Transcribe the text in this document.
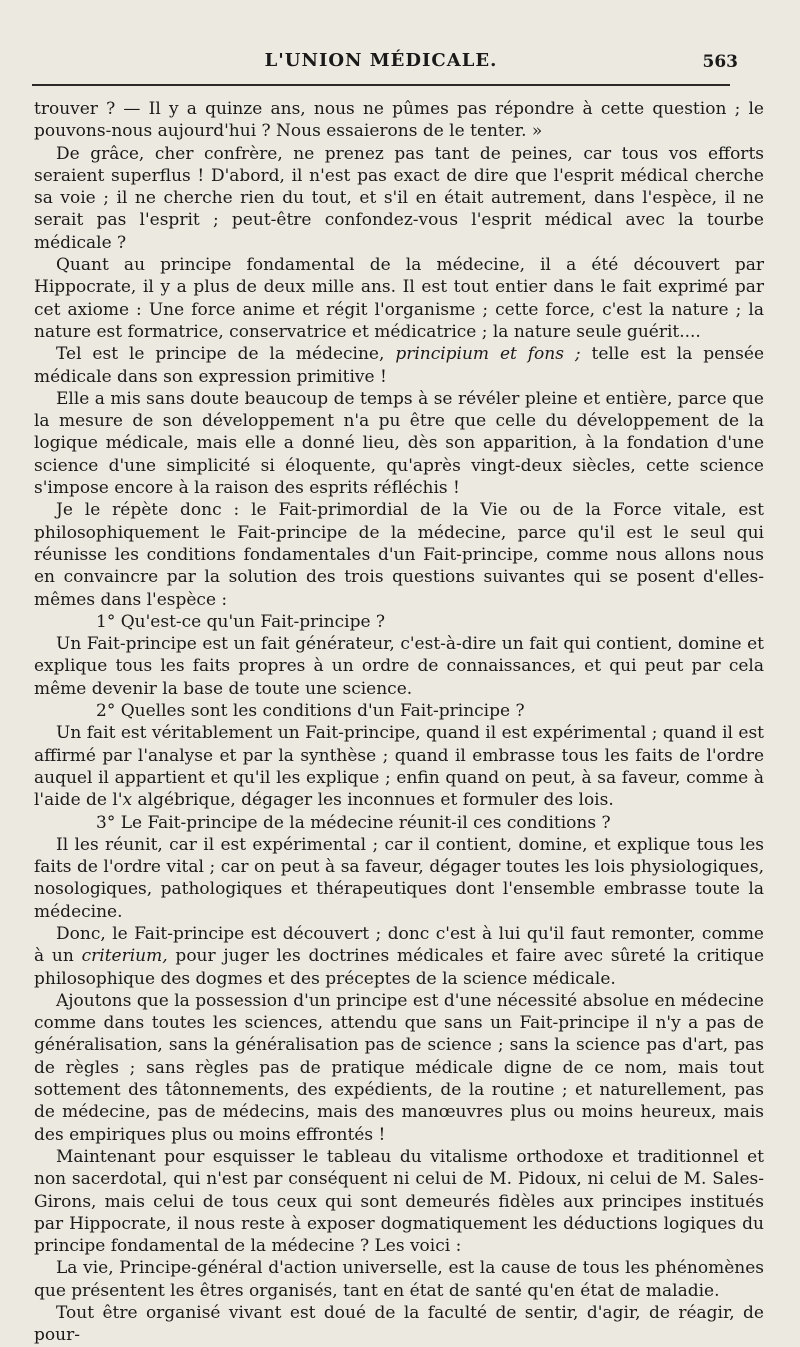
L'UNION MÉDICALE.	563

trouver ? — Il y a quinze ans, nous ne pûmes pas répondre à cette question ; le pouvons-nous aujourd'hui ? Nous essaierons de le tenter. »

De grâce, cher confrère, ne prenez pas tant de peines, car tous vos efforts seraient superflus ! D'abord, il n'est pas exact de dire que l'esprit médical cherche sa voie ; il ne cherche rien du tout, et s'il en était autrement, dans l'espèce, il ne serait pas l'esprit ; peut-être confondez-vous l'esprit médical avec la tourbe médicale ?

Quant au principe fondamental de la médecine, il a été découvert par Hippocrate, il y a plus de deux mille ans. Il est tout entier dans le fait exprimé par cet axiome : Une force anime et régit l'organisme ; cette force, c'est la nature ; la nature est formatrice, conservatrice et médicatrice ; la nature seule guérit....

Tel est le principe de la médecine, principium et fons ; telle est la pensée médicale dans son expression primitive !

Elle a mis sans doute beaucoup de temps à se révéler pleine et entière, parce que la mesure de son développement n'a pu être que celle du développement de la logique médicale, mais elle a donné lieu, dès son apparition, à la fondation d'une science d'une simplicité si éloquente, qu'après vingt-deux siècles, cette science s'impose encore à la raison des esprits réfléchis !

Je le répète donc : le Fait-primordial de la Vie ou de la Force vitale, est philosophiquement le Fait-principe de la médecine, parce qu'il est le seul qui réunisse les conditions fondamentales d'un Fait-principe, comme nous allons nous en convaincre par la solution des trois questions suivantes qui se posent d'elles-mêmes dans l'espèce :

1° Qu'est-ce qu'un Fait-principe ?

Un Fait-principe est un fait générateur, c'est-à-dire un fait qui contient, domine et explique tous les faits propres à un ordre de connaissances, et qui peut par cela même devenir la base de toute une science.

2° Quelles sont les conditions d'un Fait-principe ?

Un fait est véritablement un Fait-principe, quand il est expérimental ; quand il est affirmé par l'analyse et par la synthèse ; quand il embrasse tous les faits de l'ordre auquel il appartient et qu'il les explique ; enfin quand on peut, à sa faveur, comme à l'aide de l'x algébrique, dégager les inconnues et formuler des lois.

3° Le Fait-principe de la médecine réunit-il ces conditions ?

Il les réunit, car il est expérimental ; car il contient, domine, et explique tous les faits de l'ordre vital ; car on peut à sa faveur, dégager toutes les lois physiologiques, nosologiques, pathologiques et thérapeutiques dont l'ensemble embrasse toute la médecine.

Donc, le Fait-principe est découvert ; donc c'est à lui qu'il faut remonter, comme à un criterium, pour juger les doctrines médicales et faire avec sûreté la critique philosophique des dogmes et des préceptes de la science médicale.

Ajoutons que la possession d'un principe est d'une nécessité absolue en médecine comme dans toutes les sciences, attendu que sans un Fait-principe il n'y a pas de généralisation, sans la généralisation pas de science ; sans la science pas d'art, pas de règles ; sans règles pas de pratique médicale digne de ce nom, mais tout sottement des tâtonnements, des expédients, de la routine ; et naturellement, pas de médecine, pas de médecins, mais des manœuvres plus ou moins heureux, mais des empiriques plus ou moins effrontés !

Maintenant pour esquisser le tableau du vitalisme orthodoxe et traditionnel et non sacerdotal, qui n'est par conséquent ni celui de M. Pidoux, ni celui de M. Sales-Girons, mais celui de tous ceux qui sont demeurés fidèles aux principes institués par Hippocrate, il nous reste à exposer dogmatiquement les déductions logiques du principe fondamental de la médecine ? Les voici :

La vie, Principe-général d'action universelle, est la cause de tous les phénomènes que présentent les êtres organisés, tant en état de santé qu'en état de maladie.

Tout être organisé vivant est doué de la faculté de sentir, d'agir, de réagir, de pour-
